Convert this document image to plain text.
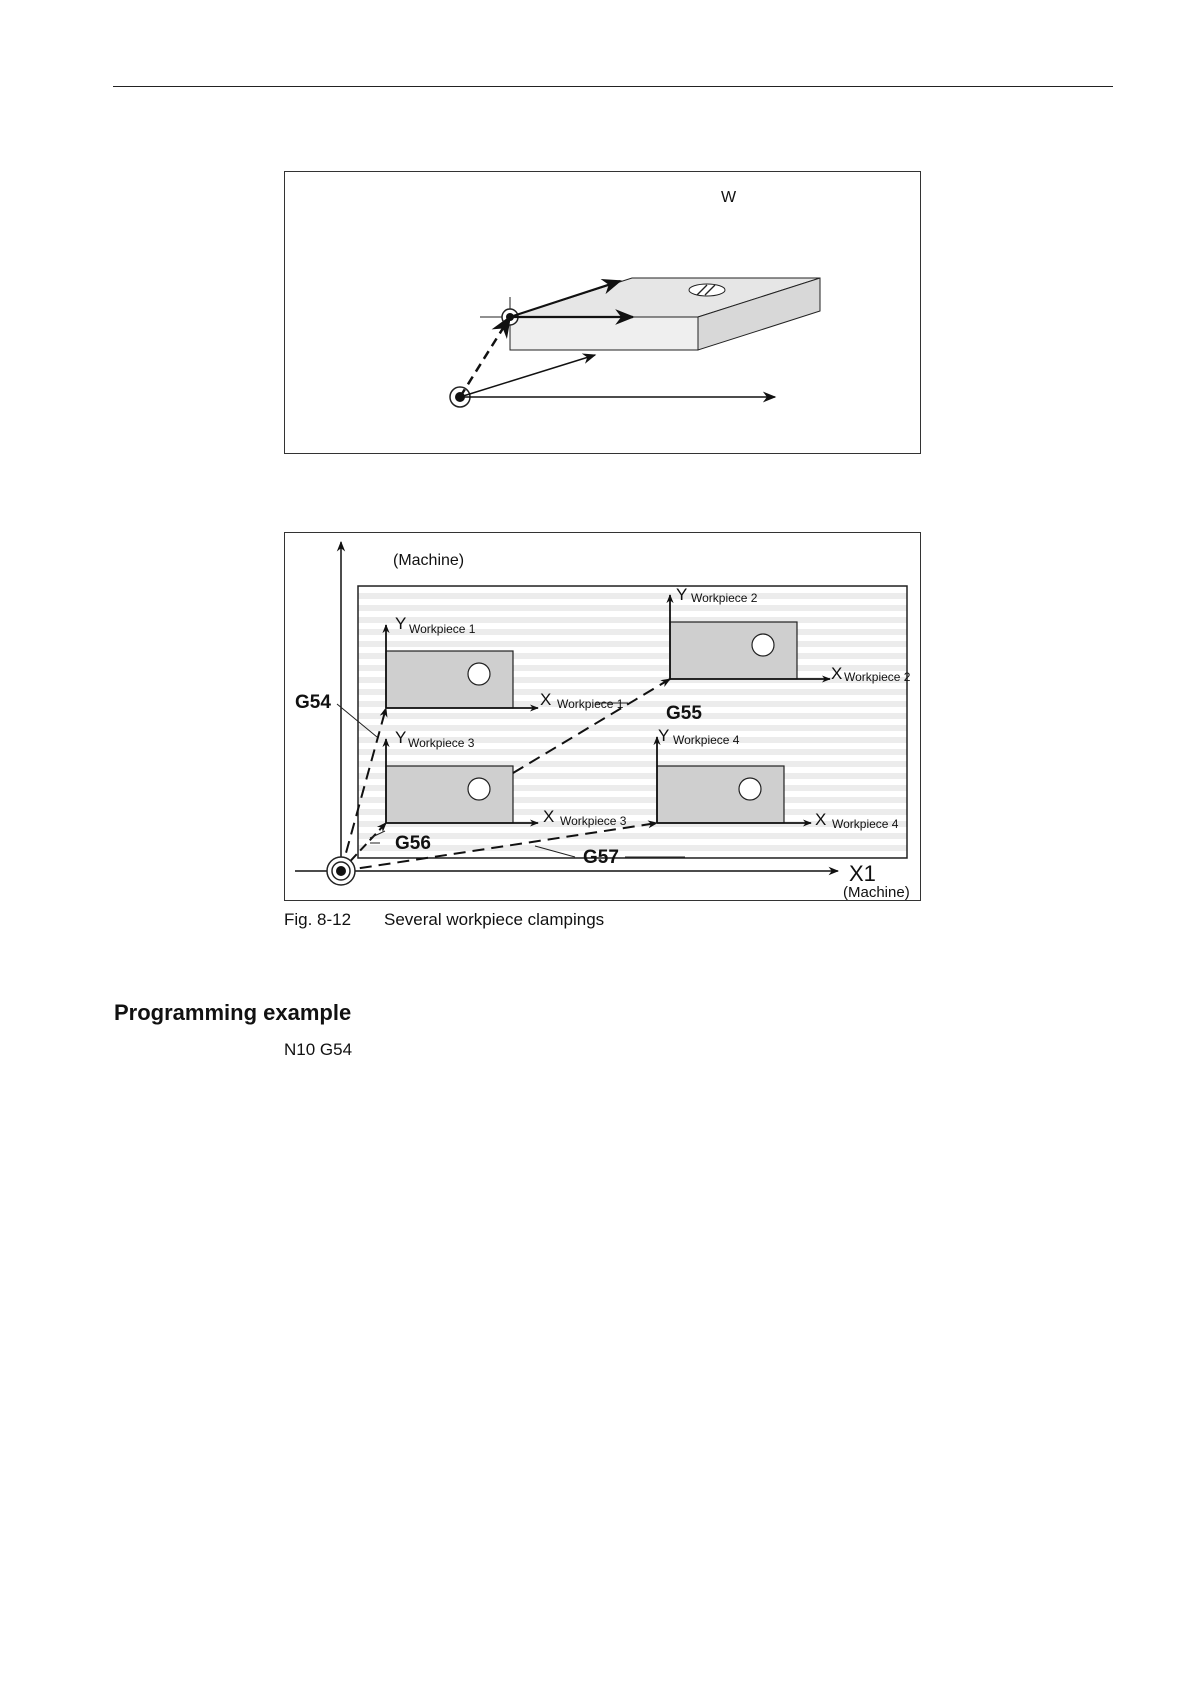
W
(Machine)
Y Workpiece 1
X Workpiece 1
Y Workpiece 2
X Workpiece 2
Y Workpiece 3
X Workpiece 3
Y Workpiece 4
X Workpiece 4
G54
G55
G56
G57
X1
(Machine)
Fig. 8-12 Several workpiece clampings
Programming example
N10 G54
